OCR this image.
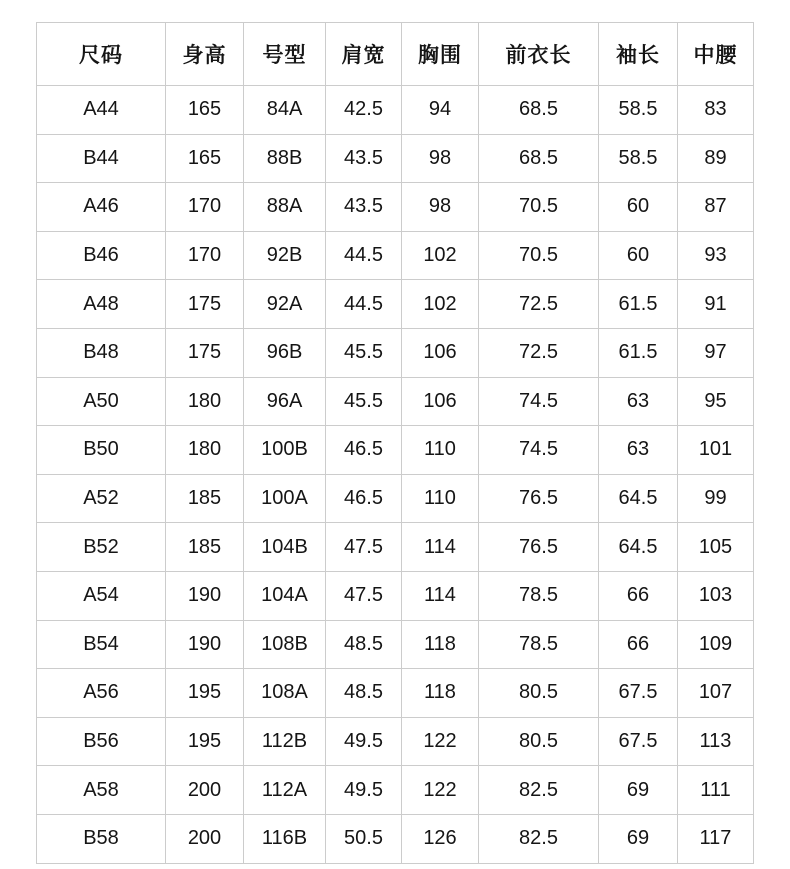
尺码	身高	号型	肩宽	胸围	前衣长	袖长	中腰
A44	165	84A	42.5	94	68.5	58.5	83
B44	165	88B	43.5	98	68.5	58.5	89
A46	170	88A	43.5	98	70.5	60	87
B46	170	92B	44.5	102	70.5	60	93
A48	175	92A	44.5	102	72.5	61.5	91
B48	175	96B	45.5	106	72.5	61.5	97
A50	180	96A	45.5	106	74.5	63	95
B50	180	100B	46.5	110	74.5	63	101
A52	185	100A	46.5	110	76.5	64.5	99
B52	185	104B	47.5	114	76.5	64.5	105
A54	190	104A	47.5	114	78.5	66	103
B54	190	108B	48.5	118	78.5	66	109
A56	195	108A	48.5	118	80.5	67.5	107
B56	195	112B	49.5	122	80.5	67.5	113
A58	200	112A	49.5	122	82.5	69	111
B58	200	116B	50.5	126	82.5	69	117
